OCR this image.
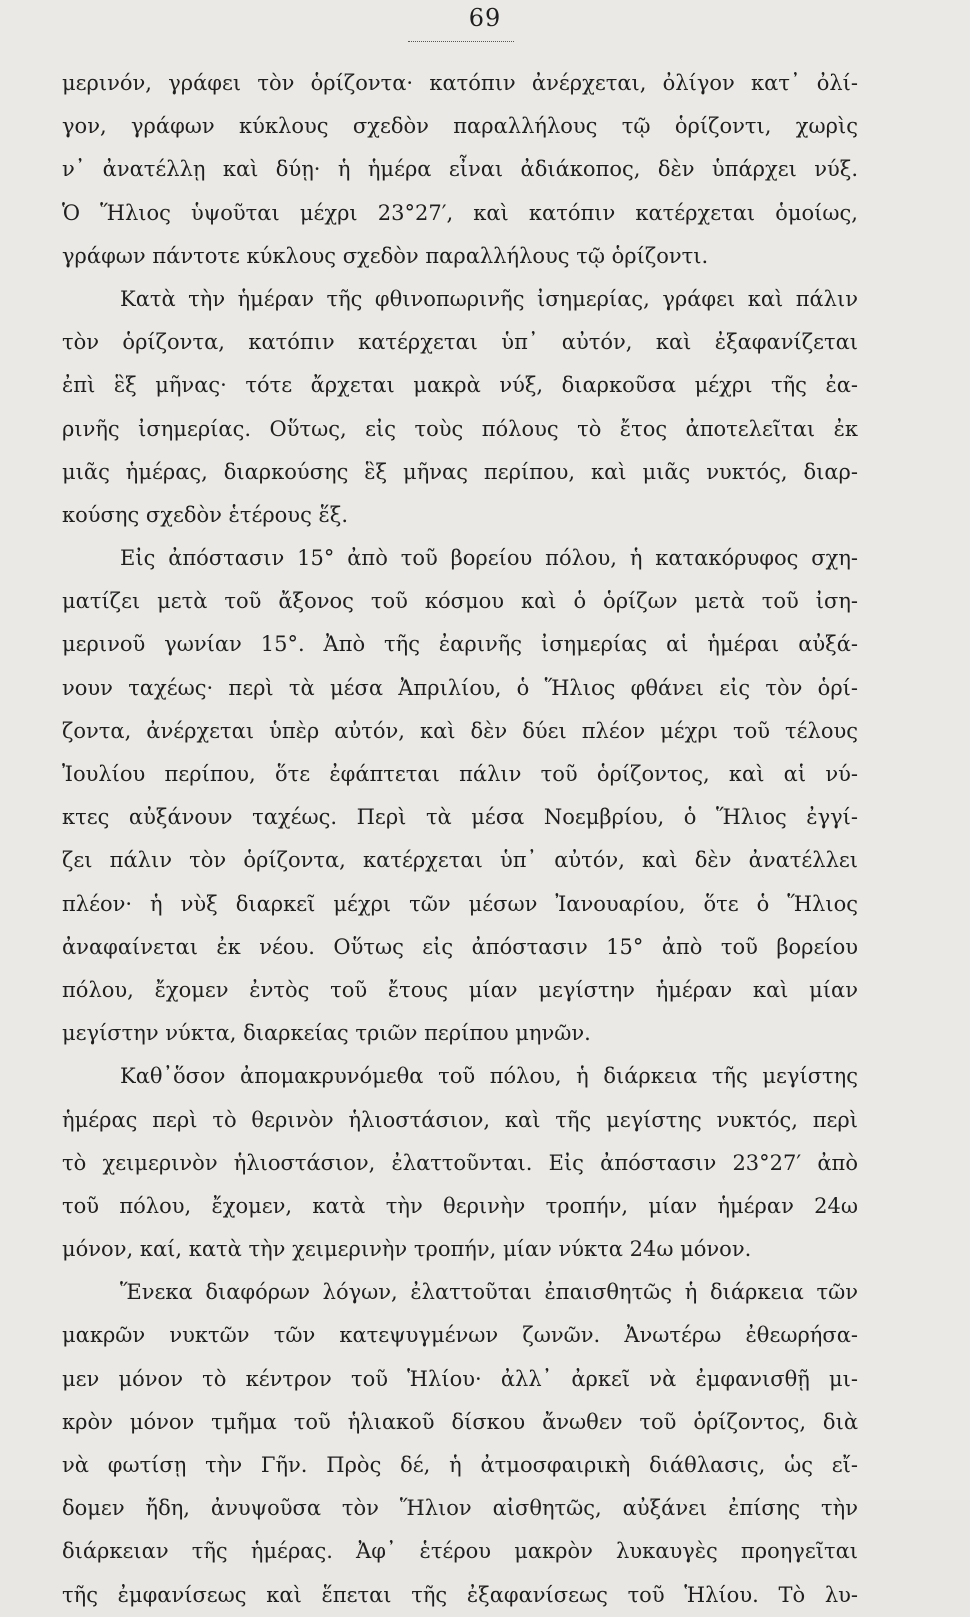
69
μερινόν, γράφει τὸν ὁρίζοντα· κατόπιν ἀνέρχεται, ὀλίγον κατ᾽ ὀλί-
γον, γράφων κύκλους σχεδὸν παραλλήλους τῷ ὁρίζοντι, χωρὶς
ν᾽ ἀνατέλλῃ καὶ δύῃ· ἡ ἡμέρα εἶναι ἀδιάκοπος, δὲν ὑπάρχει νύξ.
Ὁ Ἥλιος ὑψοῦται μέχρι 23°27′, καὶ κατόπιν κατέρχεται ὁμοίως,
γράφων πάντοτε κύκλους σχεδὸν παραλλήλους τῷ ὁρίζοντι.
Κατὰ τὴν ἡμέραν τῆς φθινοπωρινῆς ἰσημερίας, γράφει καὶ πάλιν
τὸν ὁρίζοντα, κατόπιν κατέρχεται ὑπ᾽ αὐτόν, καὶ ἐξαφανίζεται
ἐπὶ ἓξ μῆνας· τότε ἄρχεται μακρὰ νύξ, διαρκοῦσα μέχρι τῆς ἐα-
ρινῆς ἰσημερίας. Οὕτως, εἰς τοὺς πόλους τὸ ἔτος ἀποτελεῖται ἐκ
μιᾶς ἡμέρας, διαρκούσης ἓξ μῆνας περίπου, καὶ μιᾶς νυκτός, διαρ-
κούσης σχεδὸν ἑτέρους ἕξ.
Εἰς ἀπόστασιν 15° ἀπὸ τοῦ βορείου πόλου, ἡ κατακόρυφος σχη-
ματίζει μετὰ τοῦ ἄξονος τοῦ κόσμου καὶ ὁ ὁρίζων μετὰ τοῦ ἰση-
μερινοῦ γωνίαν 15°. Ἀπὸ τῆς ἐαρινῆς ἰσημερίας αἱ ἡμέραι αὐξά-
νουν ταχέως· περὶ τὰ μέσα Ἀπριλίου, ὁ Ἥλιος φθάνει εἰς τὸν ὁρί-
ζοντα, ἀνέρχεται ὑπὲρ αὐτόν, καὶ δὲν δύει πλέον μέχρι τοῦ τέλους
Ἰουλίου περίπου, ὅτε ἐφάπτεται πάλιν τοῦ ὁρίζοντος, καὶ αἱ νύ-
κτες αὐξάνουν ταχέως. Περὶ τὰ μέσα Νοεμβρίου, ὁ Ἥλιος ἐγγί-
ζει πάλιν τὸν ὁρίζοντα, κατέρχεται ὑπ᾽ αὐτόν, καὶ δὲν ἀνατέλλει
πλέον· ἡ νὺξ διαρκεῖ μέχρι τῶν μέσων Ἰανουαρίου, ὅτε ὁ Ἥλιος
ἀναφαίνεται ἐκ νέου. Οὕτως εἰς ἀπόστασιν 15° ἀπὸ τοῦ βορείου
πόλου, ἔχομεν ἐντὸς τοῦ ἔτους μίαν μεγίστην ἡμέραν καὶ μίαν
μεγίστην νύκτα, διαρκείας τριῶν περίπου μηνῶν.
Καθ᾽ὅσον ἀπομακρυνόμεθα τοῦ πόλου, ἡ διάρκεια τῆς μεγίστης
ἡμέρας περὶ τὸ θερινὸν ἡλιοστάσιον, καὶ τῆς μεγίστης νυκτός, περὶ
τὸ χειμερινὸν ἡλιοστάσιον, ἐλαττοῦνται. Εἰς ἀπόστασιν 23°27′ ἀπὸ
τοῦ πόλου, ἔχομεν, κατὰ τὴν θερινὴν τροπήν, μίαν ἡμέραν 24ω
μόνον, καί, κατὰ τὴν χειμερινὴν τροπήν, μίαν νύκτα 24ω μόνον.
Ἕνεκα διαφόρων λόγων, ἐλαττοῦται ἐπαισθητῶς ἡ διάρκεια τῶν
μακρῶν νυκτῶν τῶν κατεψυγμένων ζωνῶν. Ἀνωτέρω ἐθεωρήσα-
μεν μόνον τὸ κέντρον τοῦ Ἡλίου· ἀλλ᾽ ἀρκεῖ νὰ ἐμφανισθῇ μι-
κρὸν μόνον τμῆμα τοῦ ἡλιακοῦ δίσκου ἄνωθεν τοῦ ὁρίζοντος, διὰ
νὰ φωτίσῃ τὴν Γῆν. Πρὸς δέ, ἡ ἀτμοσφαιρικὴ διάθλασις, ὡς εἴ-
δομεν ἤδη, ἀνυψοῦσα τὸν Ἥλιον αἰσθητῶς, αὐξάνει ἐπίσης τὴν
διάρκειαν τῆς ἡμέρας. Ἀφ᾽ ἑτέρου μακρὸν λυκαυγὲς προηγεῖται
τῆς ἐμφανίσεως καὶ ἕπεται τῆς ἐξαφανίσεως τοῦ Ἡλίου. Τὸ λυ-
